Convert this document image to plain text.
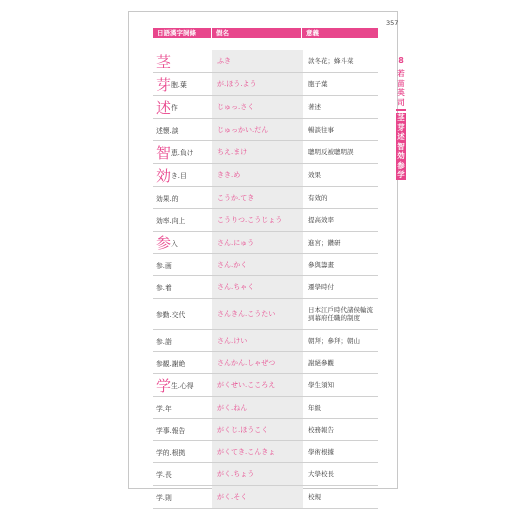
357
8
若
苗
英
司
茎
芽
述
智
効
参
学
日語漢字詞條	假名	意義
茎	ふき	款冬花；蜂斗菜
芽 胞.葉	が.ほう.よう	胞子葉
述 作	じゅっ.さく	著述
述懐.談	じゅっかい.だん	暢談往事
智 恵.負け	ちえ.まけ	聰明反被聰明誤
効 き.目	きき.め	效果
効果.的	こうか.てき	有效的
効率.向上	こうりつ.こうじょう	提高效率
参 入	さん.にゅう	進宮；鑽研
参.画	さん.かく	參與籌畫
参.着	さん.ちゃく	遷學時付
参勤.交代	さんきん.こうたい	日本江戶時代諸侯輪流到幕府任職的制度
参.詣	さん.けい	朝拜；參拜；朝山
参観.謝絶	さんかん.しゃぜつ	謝絕參觀
学 生.心得	がくせい.こころえ	學生須知
学.年	がく.ねん	年級
学事.報告	がくじ.ほうこく	校務報告
学的.根拠	がくてき.こんきょ	學術根據
学.長	がく.ちょう	大學校長
学.則	がく.そく	校規
